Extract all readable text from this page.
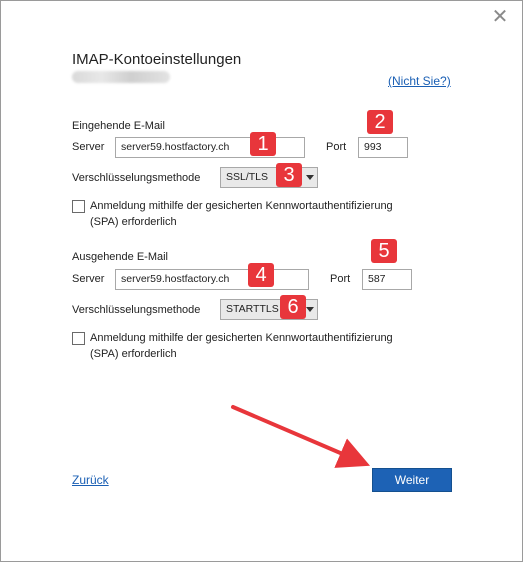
✕
IMAP-Kontoeinstellungen
(Nicht Sie?)
Eingehende E-Mail
Server	server59.hostfactory.ch	1	Port	993
2
Verschlüsselungsmethode	SSL/TLS 3
Anmeldung mithilfe der gesicherten Kennwortauthentifizierung
(SPA) erforderlich
Ausgehende E-Mail
Server	server59.hostfactory.ch	4	Port	587
5
Verschlüsselungsmethode	STARTTLS 6
Anmeldung mithilfe der gesicherten Kennwortauthentifizierung
(SPA) erforderlich
Zurück	Weiter
